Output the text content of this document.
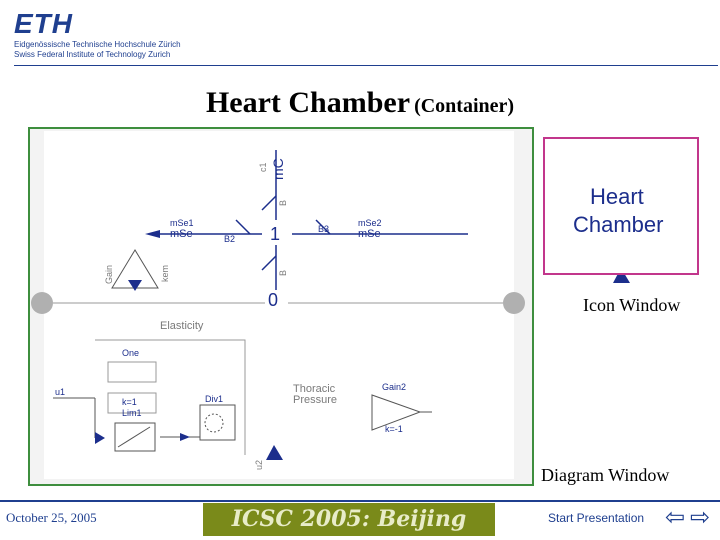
ETH
Eidgenössische Technische Hochschule Zürich
Swiss Federal Institute of Technology Zurich
Heart Chamber (Container)
c1 mC
B
mSe1
mSe	B2 1	B3
mSe2
mSe
B
0
Gain	kem
Elasticity
One
u1
k=1
Lim1
Div1
Thoracic
Pressure
Gain2
k=-1
u2
Heart
Chamber
Icon Window
Diagram Window
October 25, 2005	ICSC 2005: Beijing	Start Presentation ⇦ ⇨
